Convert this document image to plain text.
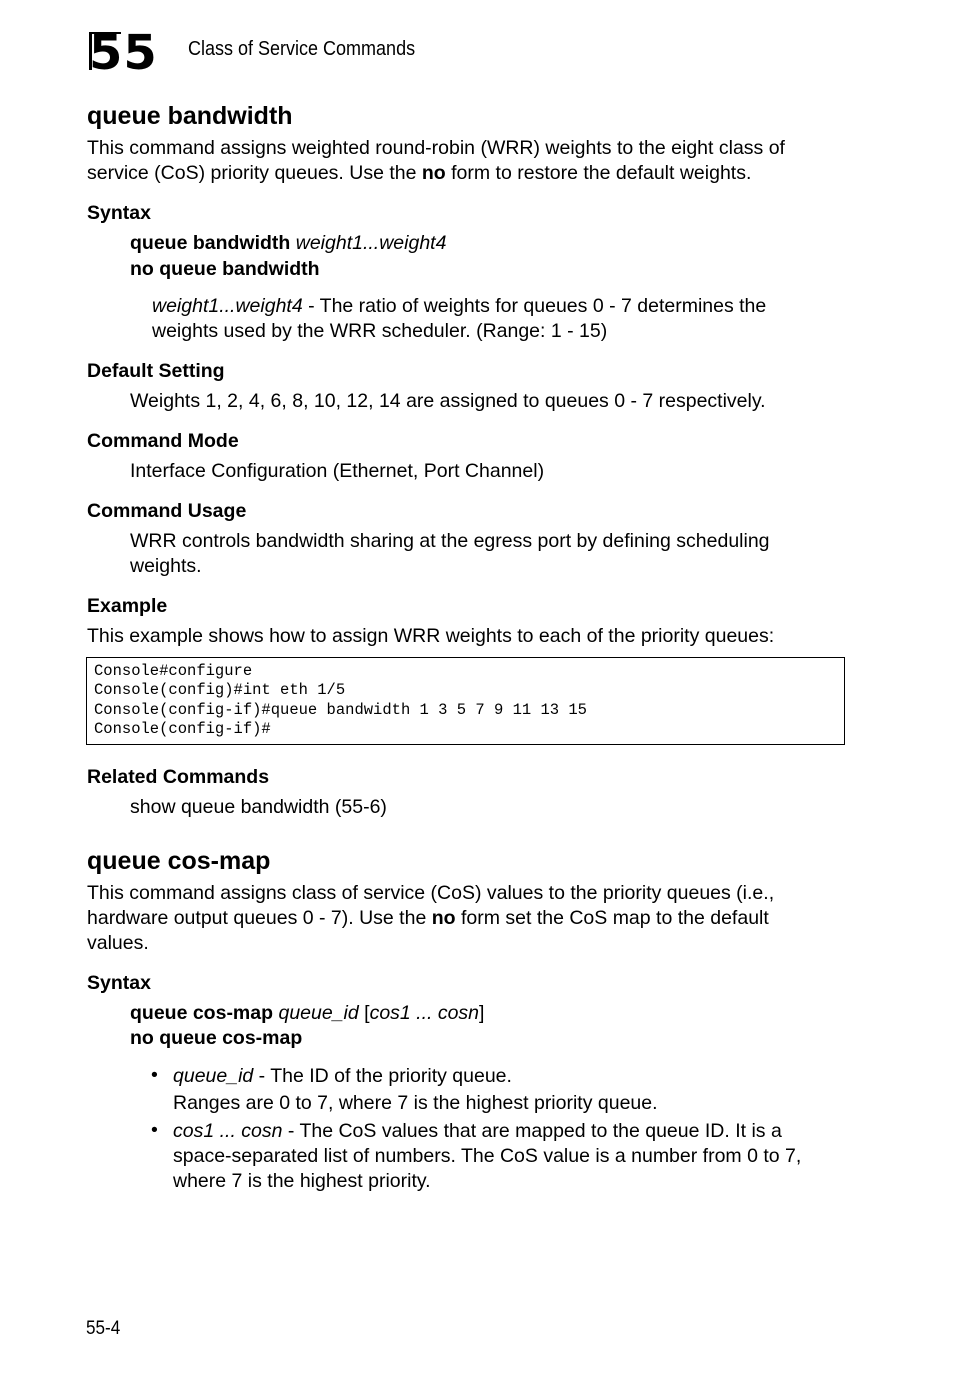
55 Class of Service Commands
queue bandwidth
This command assigns weighted round-robin (WRR) weights to the eight class of
service (CoS) priority queues. Use the no form to restore the default weights.
Syntax
queue bandwidth weight1...weight4
no queue bandwidth
weight1...weight4 - The ratio of weights for queues 0 - 7 determines the
weights used by the WRR scheduler. (Range: 1 - 15)
Default Setting
Weights 1, 2, 4, 6, 8, 10, 12, 14 are assigned to queues 0 - 7 respectively.
Command Mode
Interface Configuration (Ethernet, Port Channel)
Command Usage
WRR controls bandwidth sharing at the egress port by defining scheduling
weights.
Example
This example shows how to assign WRR weights to each of the priority queues:
Console#configure
Console(config)#int eth 1/5
Console(config-if)#queue bandwidth 1 3 5 7 9 11 13 15
Console(config-if)#
Related Commands
show queue bandwidth (55-6)
queue cos-map
This command assigns class of service (CoS) values to the priority queues (i.e.,
hardware output queues 0 - 7). Use the no form set the CoS map to the default
values.
Syntax
queue cos-map queue_id [cos1 ... cosn]
no queue cos-map
• queue_id - The ID of the priority queue.
Ranges are 0 to 7, where 7 is the highest priority queue.
• cos1 ... cosn - The CoS values that are mapped to the queue ID. It is a
space-separated list of numbers. The CoS value is a number from 0 to 7,
where 7 is the highest priority.
55-4
